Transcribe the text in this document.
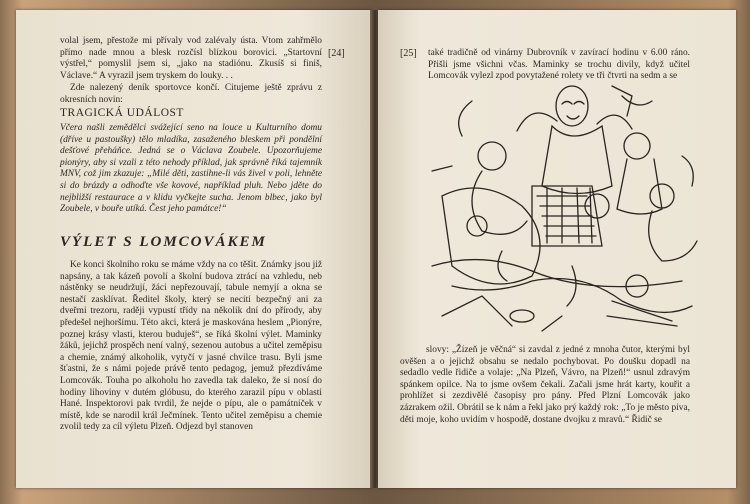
[24]
volal jsem, přestože mi přívaly vod zalévaly ústa. Vtom zahřmělo přímo nade mnou a blesk rozčísl blízkou borovici. „Startovní výstřel,“ pomyslil jsem si, „jako na stadiónu. Zkusíš si finiš, Václave.“ A vyrazil jsem tryskem do louky. . .
Zde nalezený deník sportovce končí. Citujeme ještě zprávu z okresních novin:
TRAGICKÁ UDÁLOST
Včera našli zemědělci svážející seno na louce u Kulturního domu (dříve u pastoušky) tělo mladíka, zasaženého bleskem při pondělní dešťové přeháňce. Jedná se o Václava Zoubele. Upozorňujeme pionýry, aby si vzali z této nehody příklad, jak správně říká tajemník MNV, což jim zkazuje: „Milé děti, zastihne-li vás živel v poli, lehněte si do brázdy a odhoďte vše kovové, například pluh. Nebo jděte do nejbližší restaurace a v klidu vyčkejte sucha. Jenom blbec, jako byl Zoubele, v bouře utíká. Čest jeho památce!“
VÝLET S LOMCOVÁKEM
Ke konci školního roku se máme vždy na co těšit. Známky jsou již napsány, a tak kázeň povolí a školní budova ztrácí na vzhledu, neb nástěnky se neudržují, žáci nepřezouvají, tabule nemyjí a okna se nestačí zasklívat. Ředitel školy, který se necítí bezpečný ani za dveřmi trezoru, raději vypustí třídy na několik dní do přírody, aby předešel nejhoršímu. Této akci, která je maskována heslem „Pionýre, poznej krásy vlasti, kterou buduješ“, se říká školní výlet. Maminky žáků, jejichž prospěch není valný, sezenou autobus a učitel zeměpisu a chemie, známý alkoholik, vytyčí v jasné chvilce trasu. Byli jsme šťastni, že s námi pojede právě tento pedagog, jemuž přezdíváme Lomcovák. Touha po alkoholu ho zavedla tak daleko, že si nosí do hodiny lihoviny v dutém glóbusu, do kterého zarazil pípu v oblasti Hané. Inspektorovi pak tvrdil, že nejde o pípu, ale o památníček v místě, kde se narodil král Ječmínek. Tento učitel zeměpisu a chemie zvolil tedy za cíl výletu Plzeň. Odjezd byl stanoven
[25] také tradičně od vinárny Dubrovník v zavírací hodinu v 6.00 ráno. Přišli jsme všichni včas. Maminky se trochu divily, když učitel Lomcovák vylezl zpod povytažené rolety ve tři čtvrti na sedm a se
slovy: „Žízeň je věčná“ si zavdal z jedné z mnoha čutor, kterými byl ověšen a o jejichž obsahu se nedalo pochybovat. Po doušku dopadl na sedadlo vedle řidiče a volaje: „Na Plzeň, Vávro, na Plzeň!“ usnul zdravým spánkem opilce. Na to jsme ovšem čekali. Začali jsme hrát karty, kouřit a prohlížet si zezdivělé časopisy pro pány. Před Plzní Lomcovák jako zázrakem ožil. Obrátil se k nám a řekl jako prý každý rok: „To je město piva, děti moje, koho uvidím v hospodě, dostane dvojku z mravů.“ Řidič se
